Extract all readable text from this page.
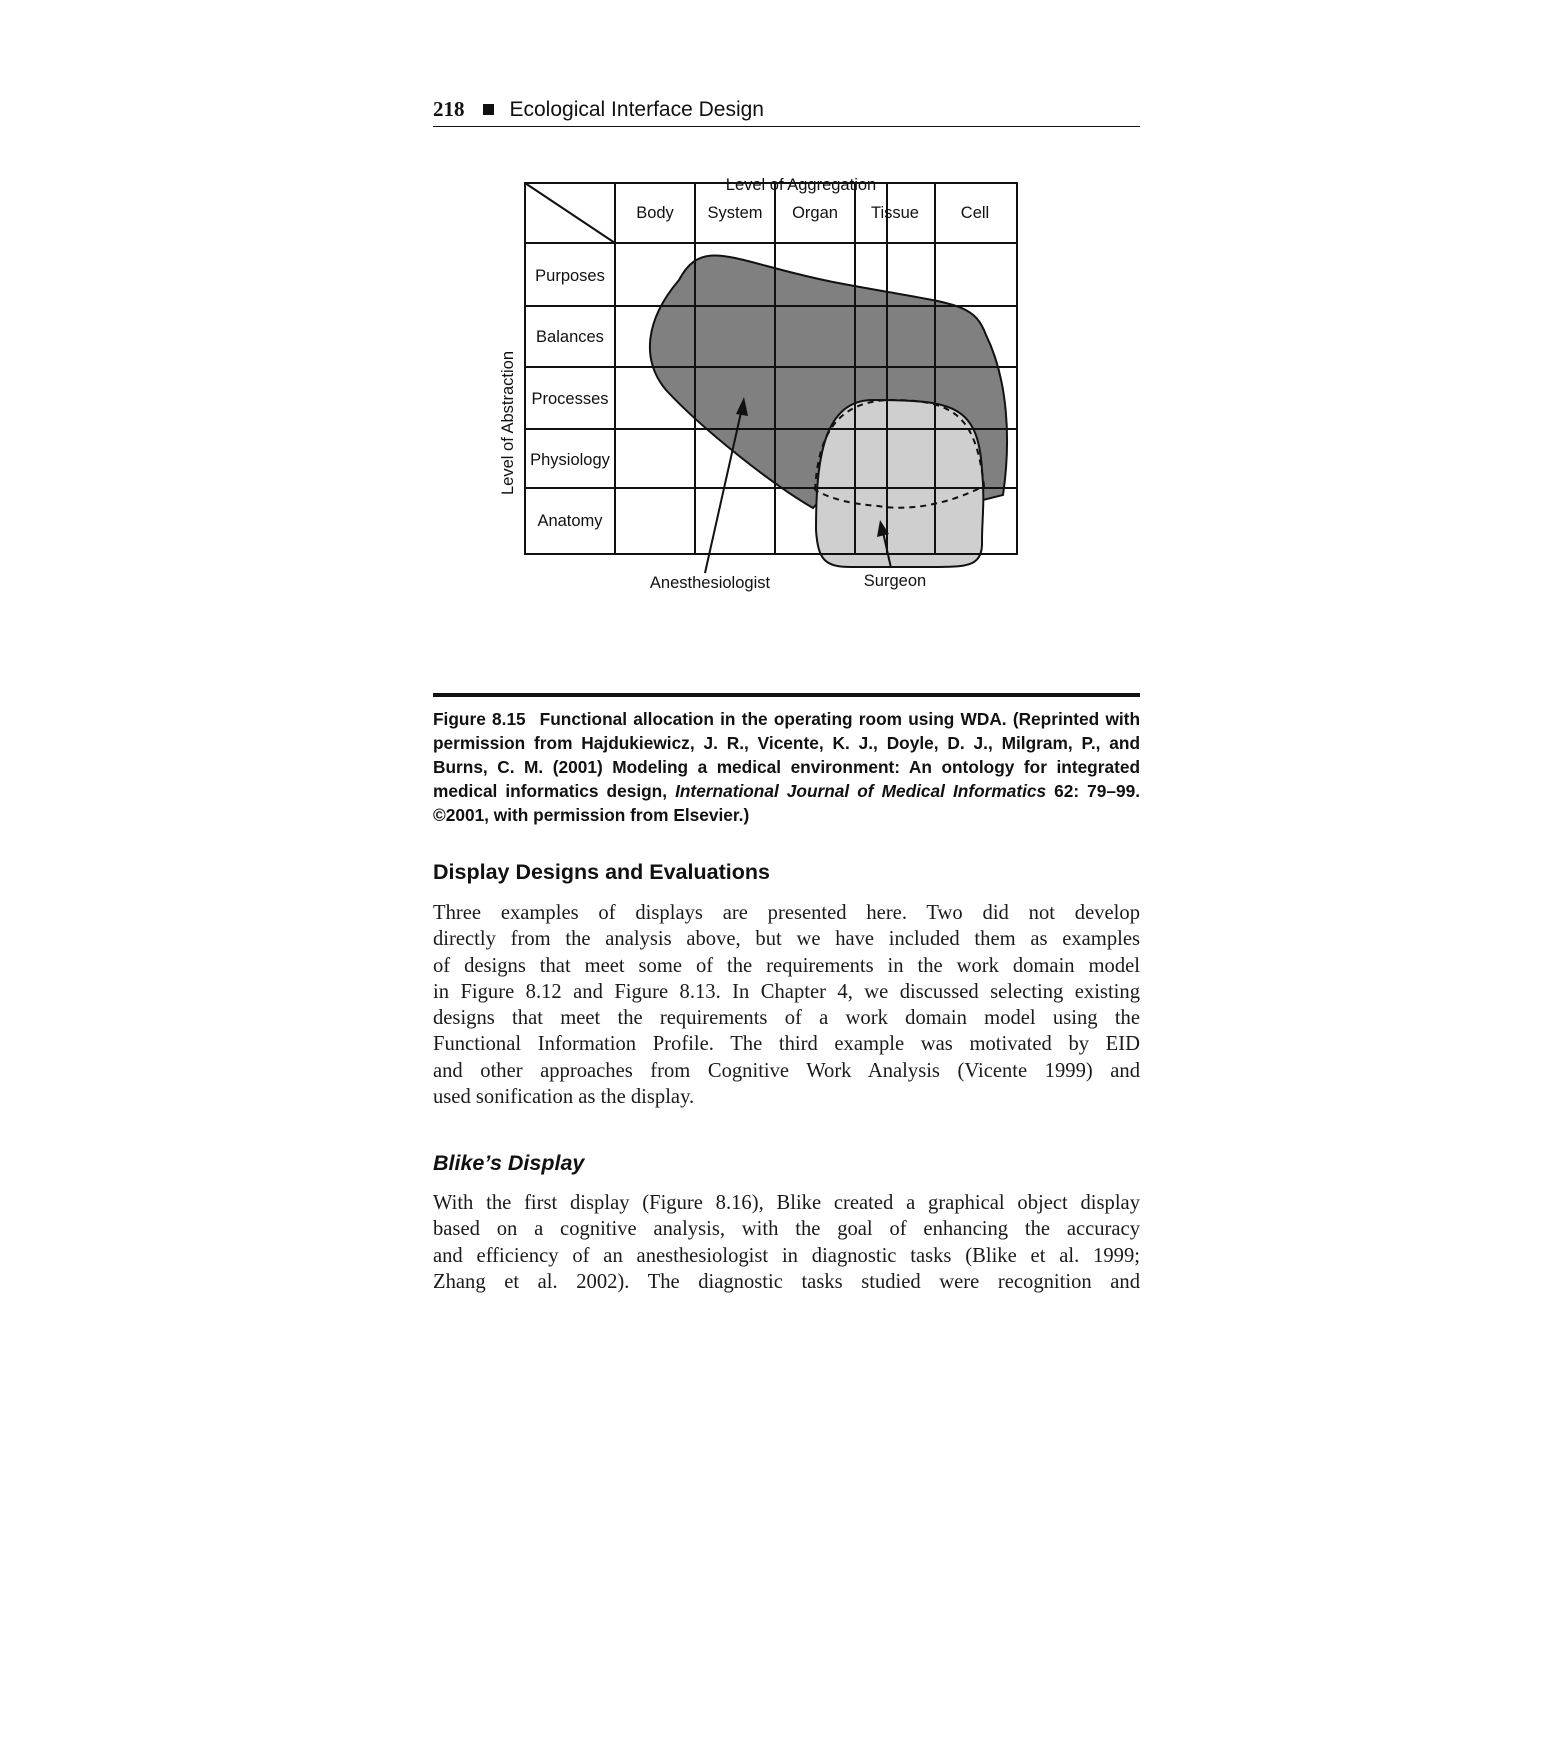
218 Ecological Interface Design
Level of Aggregation
Level of Abstraction
Body System Organ Tissue	Cell
Purposes
Balances
Processes
Physiology
Anatomy
Anesthesiologist	Surgeon
Figure 8.15 Functional allocation in the operating room using WDA. (Reprinted with permission from Hajdukiewicz, J. R., Vicente, K. J., Doyle, D. J., Milgram, P., and Burns, C. M. (2001) Modeling a medical environment: An ontology for integrated medical informatics design, International Journal of Medical Informatics 62: 79–99. ©2001, with permission from Elsevier.)
Display Designs and Evaluations
Three examples of displays are presented here. Two did not develop
directly from the analysis above, but we have included them as examples
of designs that meet some of the requirements in the work domain model
in Figure 8.12 and Figure 8.13. In Chapter 4, we discussed selecting existing
designs that meet the requirements of a work domain model using the
Functional Information Profile. The third example was motivated by EID
and other approaches from Cognitive Work Analysis (Vicente 1999) and
used sonification as the display.
Blike’s Display
With the first display (Figure 8.16), Blike created a graphical object display
based on a cognitive analysis, with the goal of enhancing the accuracy
and efficiency of an anesthesiologist in diagnostic tasks (Blike et al. 1999;
Zhang et al. 2002). The diagnostic tasks studied were recognition and
